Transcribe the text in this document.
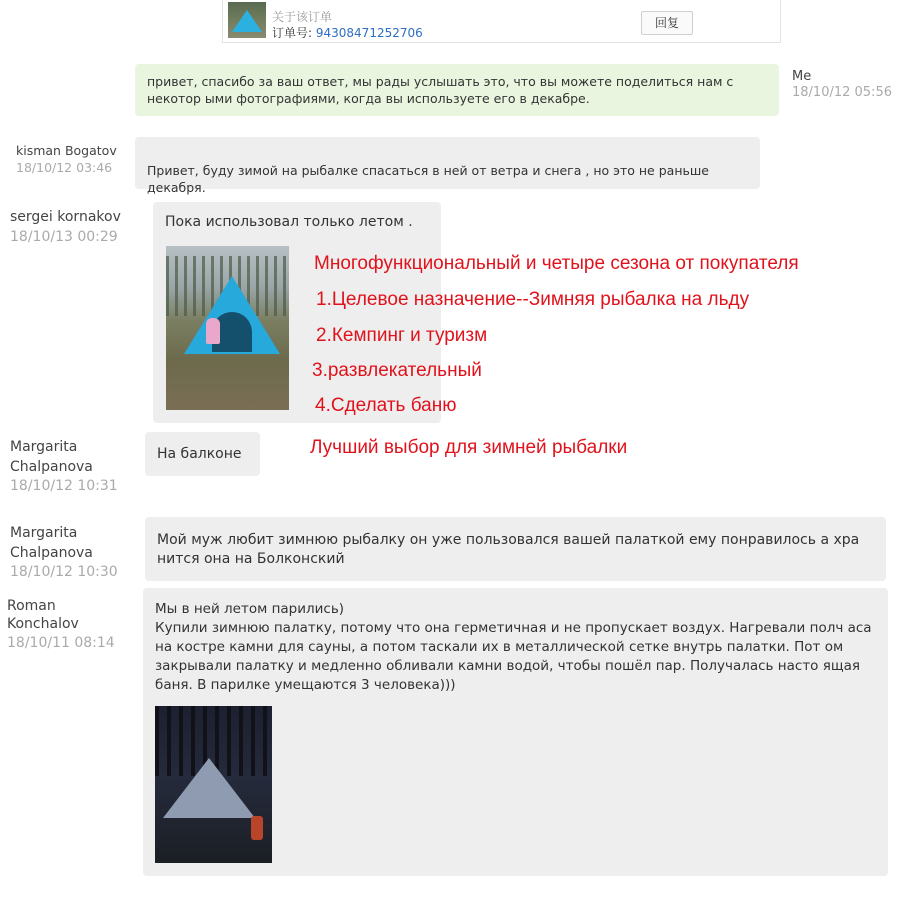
关于该订单
订单号: 94308471252706
回复
привет, спасибо за ваш ответ, мы рады услышать это, что вы можете поделиться нам с некотор ыми фотографиями, когда вы используете его в декабре.
Me
18/10/12 05:56
kisman Bogatov
18/10/12 03:46	Привет, буду зимой на рыбалке спасаться в ней от ветра и снега , но это не раньше декабря.
sergei kornakov
18/10/13 00:29
Пока использовал только летом .
Многофункциональный и четыре сезона от покупателя
1.Целевое назначение--Зимняя рыбалка на льду
2.Кемпинг и туризм
3.развлекательный
4.Сделать баню
Лучший выбор для зимней рыбалки
Margarita
Chalpanova
18/10/12 10:31
На балконе
Margarita
Chalpanova
18/10/12 10:30
Мой муж любит зимнюю рыбалку он уже пользовался вашей палаткой ему понравилось а хра нится она на Болконский
Roman
Konchalov
18/10/11 08:14
Мы в ней летом парились)
Купили зимнюю палатку, потому что она герметичная и не пропускает воздух. Нагревали полч аса на костре камни для сауны, а потом таскали их в металлической сетке внутрь палатки. Пот ом закрывали палатку и медленно обливали камни водой, чтобы пошёл пар. Получалась насто ящая баня. В парилке умещаются 3 человека)))
